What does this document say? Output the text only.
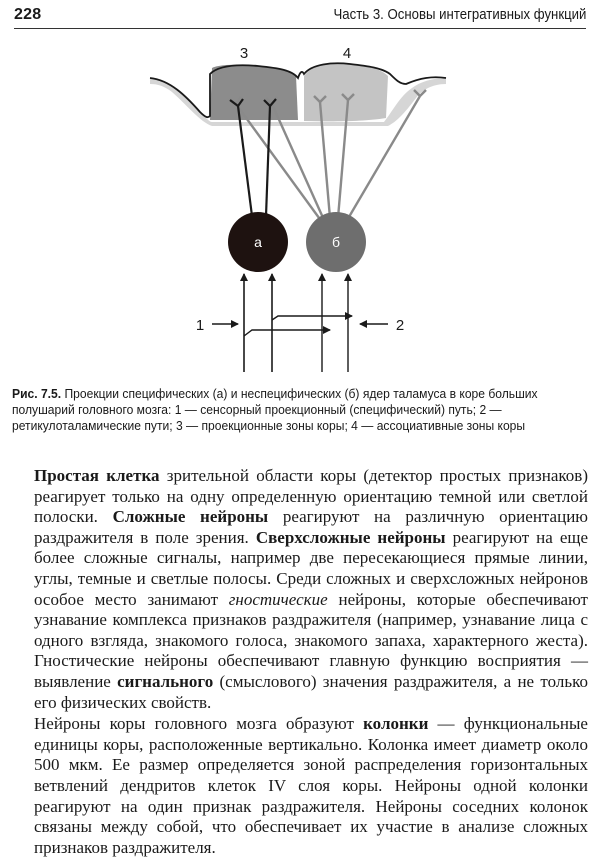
228	Часть 3. Основы интегративных функций
3	4
а	б
1	2
Рис. 7.5. Проекции специфических (а) и неспецифических (б) ядер таламуса в коре больших полушарий головного мозга: 1 — сенсорный проекционный (специфический) путь; 2 — ретикулоталамические пути; 3 — проекционные зоны коры; 4 — ассоциативные зоны коры

Простая клетка зрительной области коры (детектор простых признаков) реагирует только на одну определенную ориентацию темной или светлой полоски. Сложные нейроны реагируют на различную ориентацию раздражителя в поле зрения. Сверхсложные нейроны реагируют на еще более сложные сигналы, например две пересекающиеся прямые линии, углы, темные и светлые полосы. Среди сложных и сверхсложных нейронов особое место занимают гностические нейроны, которые обеспечивают узнавание комплекса признаков раздражителя (например, узнавание лица с одного взгляда, знакомого голоса, знакомого запаха, характерного жеста). Гностические нейроны обеспечивают главную функцию восприятия — выявление сигнального (смыслового) значения раздражителя, а не только его физических свойств.

Нейроны коры головного мозга образуют колонки — функциональные единицы коры, расположенные вертикально. Колонка имеет диаметр около 500 мкм. Ее размер определяется зоной распределения горизонтальных ветвлений дендритов клеток IV слоя коры. Нейроны одной колонки реагируют на один признак раздражителя. Нейроны соседних колонок связаны между собой, что обеспечивает их участие в анализе сложных признаков раздражителя.
